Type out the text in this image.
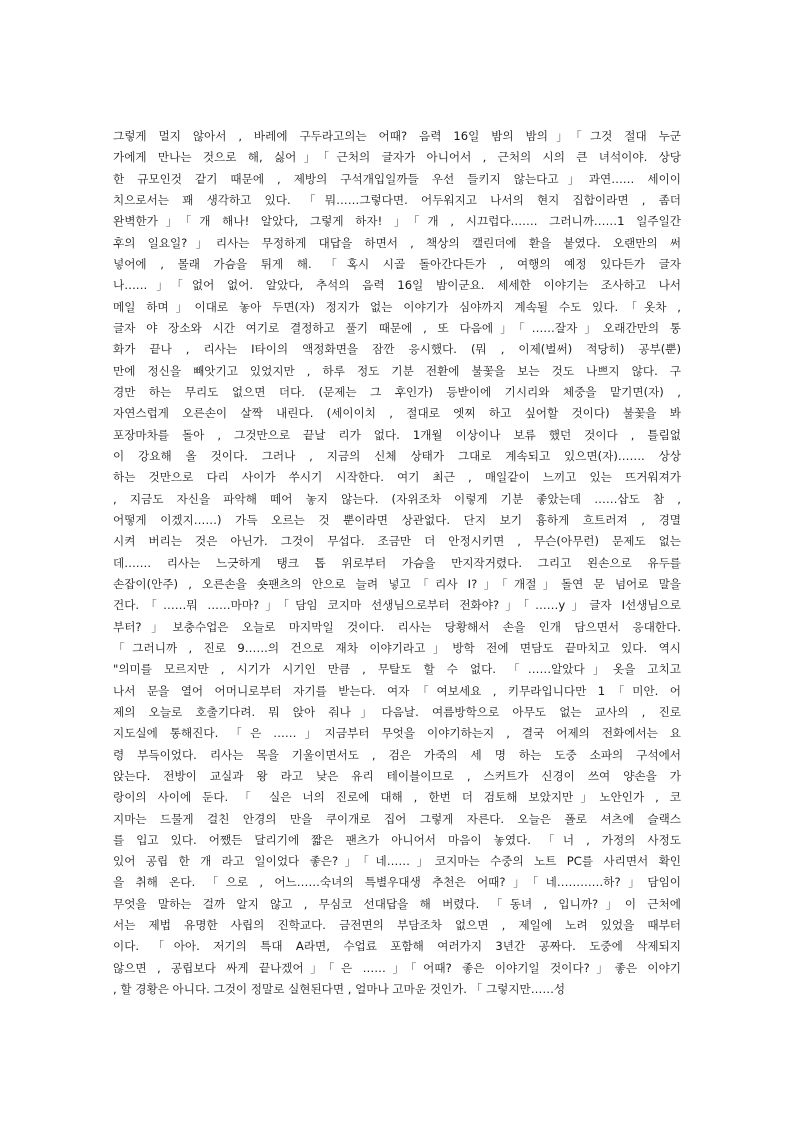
그렇게 멀지 않아서 , 바레에 구두라고의는 어때? 음력 16일 밤의 밤의」「그것 절대 누군
가에게 만나는 것으로 해, 싫어」「근처의 글자가 아니어서 , 근처의 시의 큰 녀석이야. 상당
한 규모인것 같기 때문에 , 제방의 구석개입일까들 우선 들키지 않는다고」과연…… 세이이
치으로서는 꽤 생각하고 있다. 「뭐……그렇다면. 어두워지고 나서의 현지 집합이라면 , 좀더
완벽한가」「개 해나! 알았다, 그렇게 하자! 」「개 , 시끄럽다……. 그러니까……1 일주일간
후의 일요일?」리사는 무정하게 대답을 하면서 , 책상의 캘린더에 환을 붙였다. 오랜만의 써
넣어에 , 몰래 가슴을 튀게 해. 「혹시 시골 돌아간다든가 , 여행의 예정 있다든가 글자
나……」「없어 없어. 알았다, 추석의 음력 16일 밤이군요. 세세한 이야기는 조사하고 나서
메일 하며」이대로 놓아 두면(자) 정지가 없는 이야기가 심야까지 계속될 수도 있다.「옷차 ,
글자 야 장소와 시간 여기로 결정하고 풀기 때문에 , 또 다음에」「……잘자」오래간만의 통
화가 끝나 , 리사는 I타이의 액정화면을 잠깐 응시했다. (뭐 , 이제(벌써) 적당히) 공부(뿐)
만에 정신을 빼앗기고 있었지만 , 하루 정도 기분 전환에 불꽃을 보는 것도 나쁘지 않다. 구
경만 하는 무리도 없으면 더다. (문제는 그 후인가) 등받이에 기시리와 체중을 맡기면(자) ,
자연스럽게 오른손이 살짝 내린다. (세이이치 , 절대로 엣찌 하고 싶어할 것이다) 불꽃을 봐
포장마차를 돌아 , 그것만으로 끝날 리가 없다. 1개월 이상이나 보류 했던 것이다 , 틀림없
이 강요해 올 것이다. 그러나 , 지금의 신체 상태가 그대로 계속되고 있으면(자)……. 상상
하는 것만으로 다리 사이가 쑤시기 시작한다. 여기 최근 , 매일같이 느끼고 있는 뜨거워져가
, 지금도 자신을 파악해 떼어 놓지 않는다. (자위조차 이렇게 기분 좋았는데 ……삽도 참 ,
어떻게 이겠지……) 가득 오르는 것 뿐이라면 상관없다. 단지 보기 흉하게 흐트러져 , 경멸
시켜 버리는 것은 아닌가. 그것이 무섭다. 조금만 더 안정시키면 , 무슨(아무런) 문제도 없는
데……. 리사는 느긋하게 탱크 톱 위로부터 가슴을 만지작거렸다. 그리고 왼손으로 유두를
손잡이(안주) , 오른손을 숏팬츠의 안으로 늘려 넣고「리사 I?」「개절」돌연 문 넘어로 말을
건다.「……뭐 ……마마?」「담임 코지마 선생님으로부터 전화야?」「……y」글자 I선생님으로
부터?」보충수업은 오늘로 마지막일 것이다. 리사는 당황해서 손을 인개 담으면서 응대한다.
「그러니까 , 진로 9……의 건으로 재차 이야기라고」방학 전에 면담도 끝마치고 있다. 역시
"의미를 모르지만 , 시기가 시기인 만큼 , 무탈도 할 수 없다. 「……알았다」옷을 고치고
나서 문을 열어 어머니로부터 자기를 받는다. 여자「여보세요 , 키무라입니다만 1「미안. 어
제의 오늘로 호출기다려. 뭐 앉아 줘나」다음날. 여름방학으로 아무도 없는 교사의 , 진로
지도실에 통해진다. 「은 ……」지금부터 무엇을 이야기하는지 , 결국 어제의 전화에서는 요
령 부득이었다. 리사는 목을 기울이면서도 , 검은 가죽의 세 명 하는 도중 소파의 구석에서
앉는다. 전방이 교실과 왕 라고 낮은 유리 테이블이므로 , 스커트가 신경이 쓰여 양손을 가
랑이의 사이에 둔다. 「 실은 너의 진로에 대해 , 한번 더 검토해 보았지만」노안인가 , 코
지마는 드물게 걸친 안경의 만을 쿠이개로 집어 그렇게 자른다. 오늘은 폴로 셔츠에 슬랙스
를 입고 있다. 어쨌든 달리기에 짧은 팬츠가 아니어서 마음이 놓였다. 「너 , 가정의 사정도
있어 공립 한 개 라고 일이었다 좋은?」「네……」코지마는 수중의 노트 PC를 사리면서 확인
을 취해 온다. 「으로 , 어느……숙녀의 특별우대생 추천은 어때?」「네…………하?」담임이
무엇을 말하는 걸까 알지 않고 , 무심코 선대답을 해 버렸다. 「동녀 , 입니까?」이 근처에
서는 제법 유명한 사립의 진학교다. 금전면의 부담조차 없으면 , 제일에 노려 있었을 때부터
이다. 「아아. 저기의 특대 A라면, 수업료 포함해 여러가지 3년간 공짜다. 도중에 삭제되지
않으면 , 공립보다 싸게 끝나겠어」「은 ……」「어때? 좋은 이야기일 것이다?」좋은 이야기
, 할 경황은 아니다. 그것이 정말로 실현된다면 , 얼마나 고마운 것인가. 「 그렇지만……성
